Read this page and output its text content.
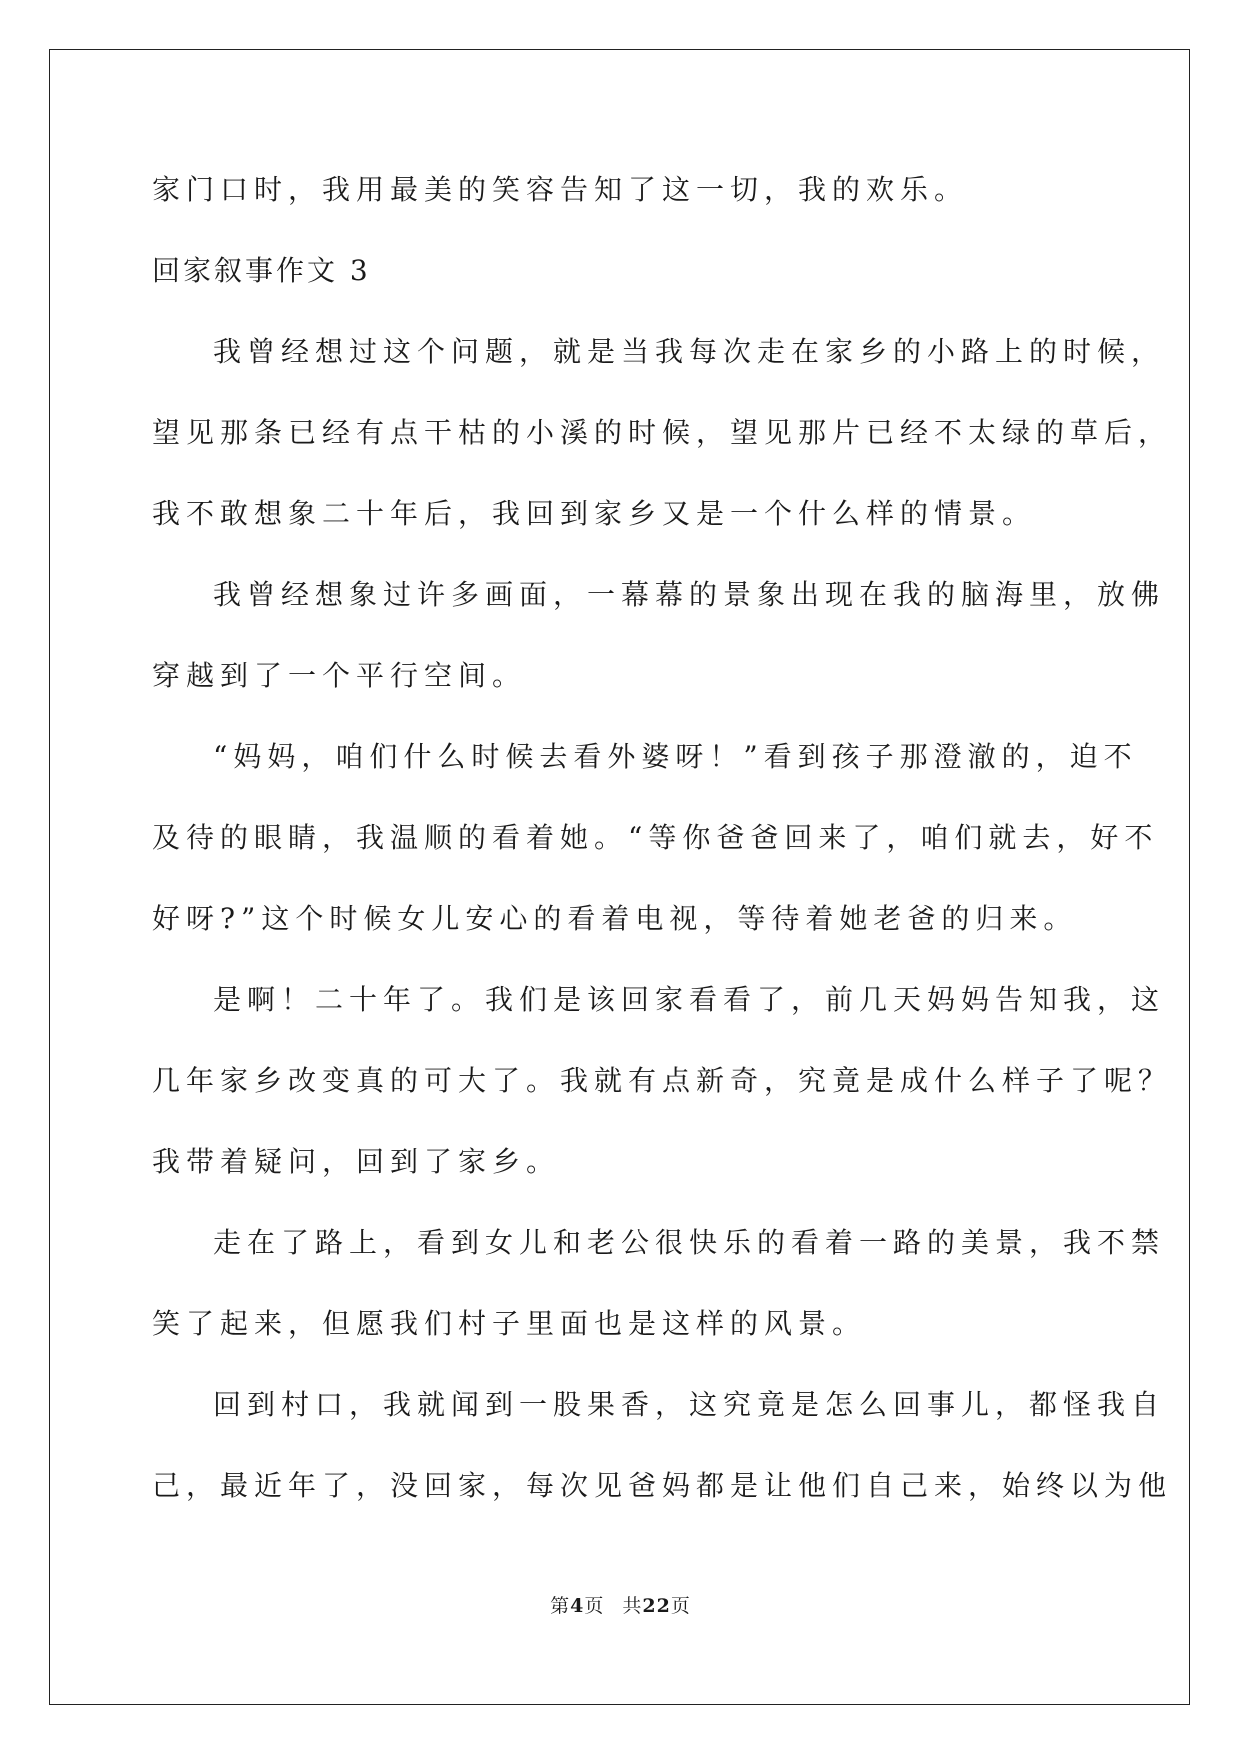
家门口时，我用最美的笑容告知了这一切，我的欢乐。
回家叙事作文 3
我曾经想过这个问题，就是当我每次走在家乡的小路上的时候，
望见那条已经有点干枯的小溪的时候，望见那片已经不太绿的草后，
我不敢想象二十年后，我回到家乡又是一个什么样的情景。
我曾经想象过许多画面，一幕幕的景象出现在我的脑海里，放佛
穿越到了一个平行空间。
“妈妈，咱们什么时候去看外婆呀！”看到孩子那澄澈的，迫不
及待的眼睛，我温顺的看着她。“等你爸爸回来了，咱们就去，好不
好呀?”这个时候女儿安心的看着电视，等待着她老爸的归来。
是啊！二十年了。我们是该回家看看了，前几天妈妈告知我，这
几年家乡改变真的可大了。我就有点新奇，究竟是成什么样子了呢？
我带着疑问，回到了家乡。
走在了路上，看到女儿和老公很快乐的看着一路的美景，我不禁
笑了起来，但愿我们村子里面也是这样的风景。
回到村口，我就闻到一股果香，这究竟是怎么回事儿，都怪我自
己，最近年了，没回家，每次见爸妈都是让他们自己来，始终以为他
第4页 共22页
